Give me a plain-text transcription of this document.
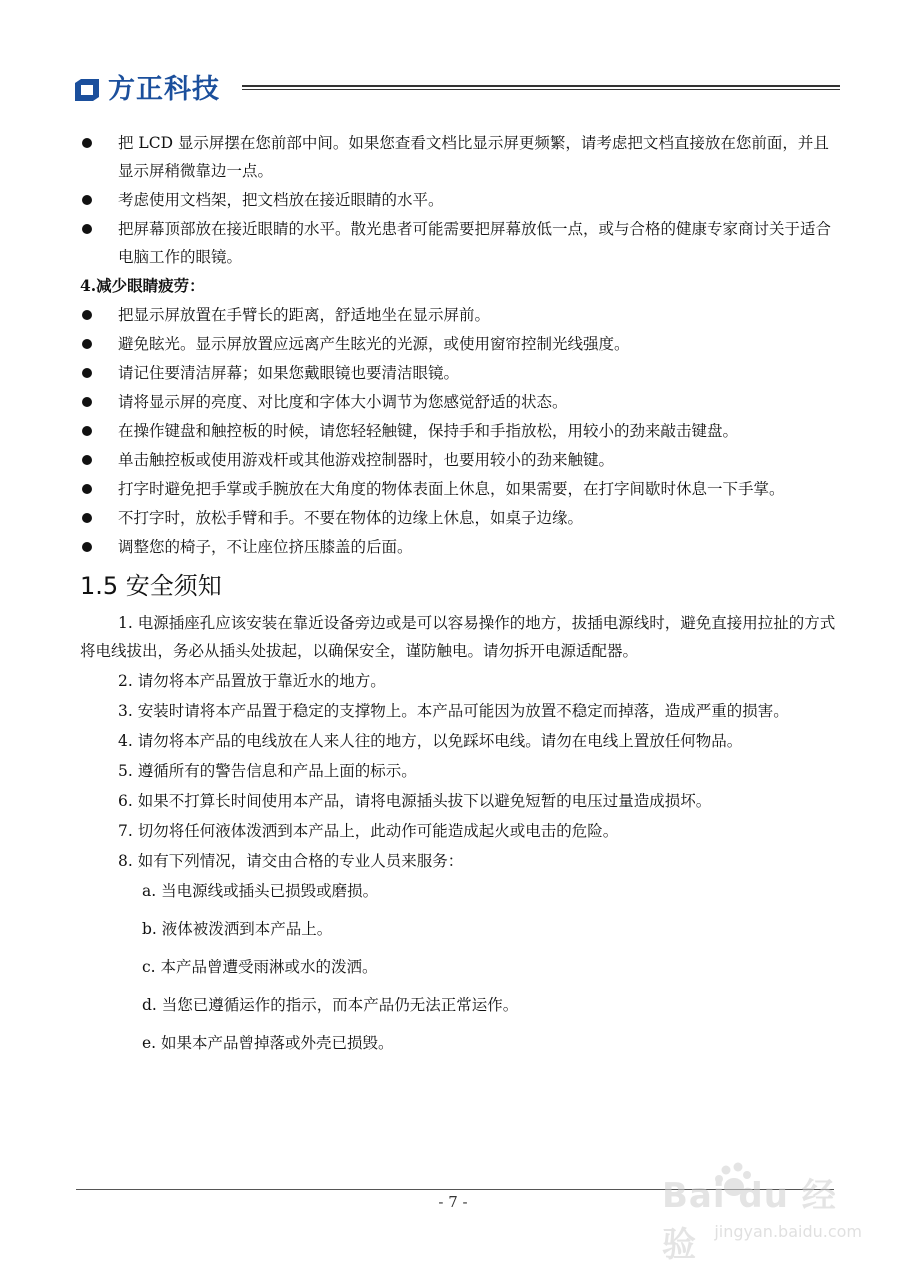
方正科技
把 LCD 显示屏摆在您前部中间。如果您查看文档比显示屏更频繁，请考虑把文档直接放在您前面，并且显示屏稍微靠边一点。
考虑使用文档架，把文档放在接近眼睛的水平。
把屏幕顶部放在接近眼睛的水平。散光患者可能需要把屏幕放低一点，或与合格的健康专家商讨关于适合电脑工作的眼镜。
4.减少眼睛疲劳：
把显示屏放置在手臂长的距离，舒适地坐在显示屏前。
避免眩光。显示屏放置应远离产生眩光的光源，或使用窗帘控制光线强度。
请记住要清洁屏幕；如果您戴眼镜也要清洁眼镜。
请将显示屏的亮度、对比度和字体大小调节为您感觉舒适的状态。
在操作键盘和触控板的时候，请您轻轻触键，保持手和手指放松，用较小的劲来敲击键盘。
单击触控板或使用游戏杆或其他游戏控制器时，也要用较小的劲来触键。
打字时避免把手掌或手腕放在大角度的物体表面上休息，如果需要，在打字间歇时休息一下手掌。
不打字时，放松手臂和手。不要在物体的边缘上休息，如桌子边缘。
调整您的椅子，不让座位挤压膝盖的后面。
1.5 安全须知

1. 电源插座孔应该安装在靠近设备旁边或是可以容易操作的地方，拔插电源线时，避免直接用拉扯的方式将电线拔出，务必从插头处拔起，以确保安全，谨防触电。请勿拆开电源适配器。

2. 请勿将本产品置放于靠近水的地方。

3. 安装时请将本产品置于稳定的支撑物上。本产品可能因为放置不稳定而掉落，造成严重的损害。

4. 请勿将本产品的电线放在人来人往的地方，以免踩坏电线。请勿在电线上置放任何物品。

5. 遵循所有的警告信息和产品上面的标示。

6. 如果不打算长时间使用本产品，请将电源插头拔下以避免短暂的电压过量造成损坏。

7. 切勿将任何液体泼洒到本产品上，此动作可能造成起火或电击的危险。

8. 如有下列情况，请交由合格的专业人员来服务：

a. 当电源线或插头已损毁或磨损。
b. 液体被泼洒到本产品上。
c. 本产品曾遭受雨淋或水的泼洒。
d. 当您已遵循运作的指示，而本产品仍无法正常运作。
e. 如果本产品曾掉落或外壳已损毁。
- 7 -	Bai du 经验	jingyan.baidu.com
